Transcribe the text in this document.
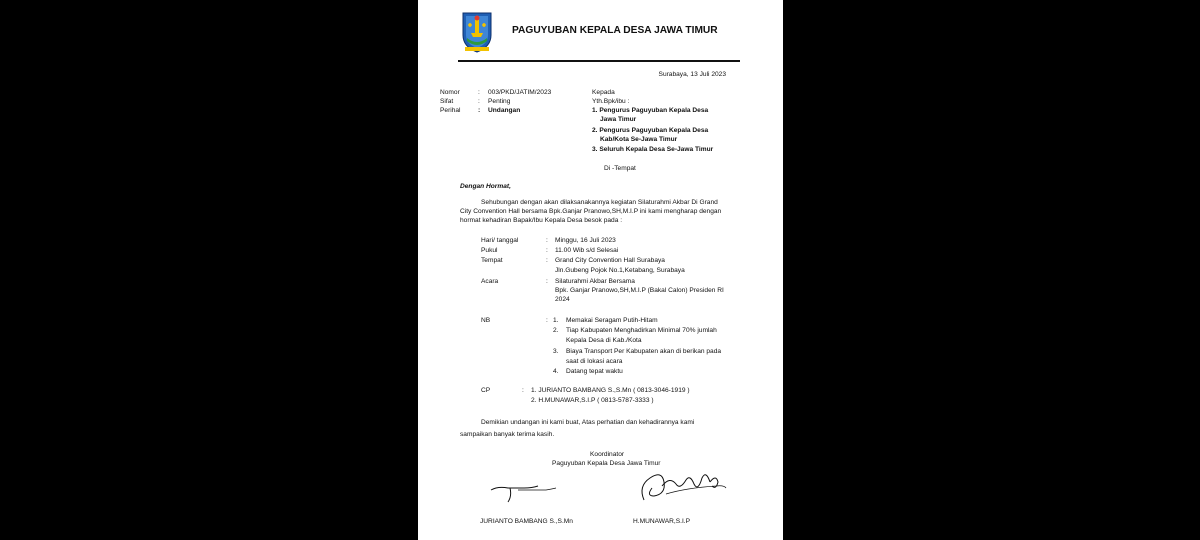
PAGUYUBAN KEPALA DESA JAWA TIMUR
Surabaya, 13 Juli 2023
Nomor	: 003/PKD/JATIM/2023
Sifat	: Penting
Perihal	: Undangan
Kepada
Yth.Bpk/ibu :
1. Pengurus Paguyuban Kepala Desa
Jawa Timur
2. Pengurus Paguyuban Kepala Desa
Kab/Kota Se-Jawa Timur
3. Seluruh Kepala Desa Se-Jawa Timur
Di -Tempat
Dengan Hormat,
Sehubungan dengan akan dilaksanakannya kegiatan Silaturahmi Akbar Di Grand
City Convention Hall bersama Bpk.Ganjar Pranowo,SH,M.I.P ini kami mengharap dengan
hormat kehadiran Bapak/Ibu Kepala Desa besok pada :
Hari/ tanggal	: Minggu, 16 Juli 2023
Pukul	: 11.00 Wib s/d Selesai
Tempat	: Grand City Convention Hall Surabaya
Jln.Gubeng Pojok No.1,Ketabang, Surabaya
Acara	: Silaturahmi Akbar Bersama
Bpk. Ganjar Pranowo,SH,M.I.P (Bakal Calon) Presiden RI
2024
NB	: 1. Memakai Seragam Putih-Hitam
2. Tiap Kabupaten Menghadirkan Minimal 70% jumlah
Kepala Desa di Kab./Kota
3. Biaya Transport Per Kabupaten akan di berikan pada
saat di lokasi acara
4. Datang tepat waktu
CP	: 1. JURIANTO BAMBANG S.,S.Mn ( 0813-3046-1919 )
2. H.MUNAWAR,S.I.P ( 0813-5787-3333 )
Demikian undangan ini kami buat, Atas perhatian dan kehadirannya kami
sampaikan banyak terima kasih.
Koordinator
Paguyuban Kepala Desa Jawa Timur
JURIANTO BAMBANG S.,S.Mn	H.MUNAWAR,S.I.P
